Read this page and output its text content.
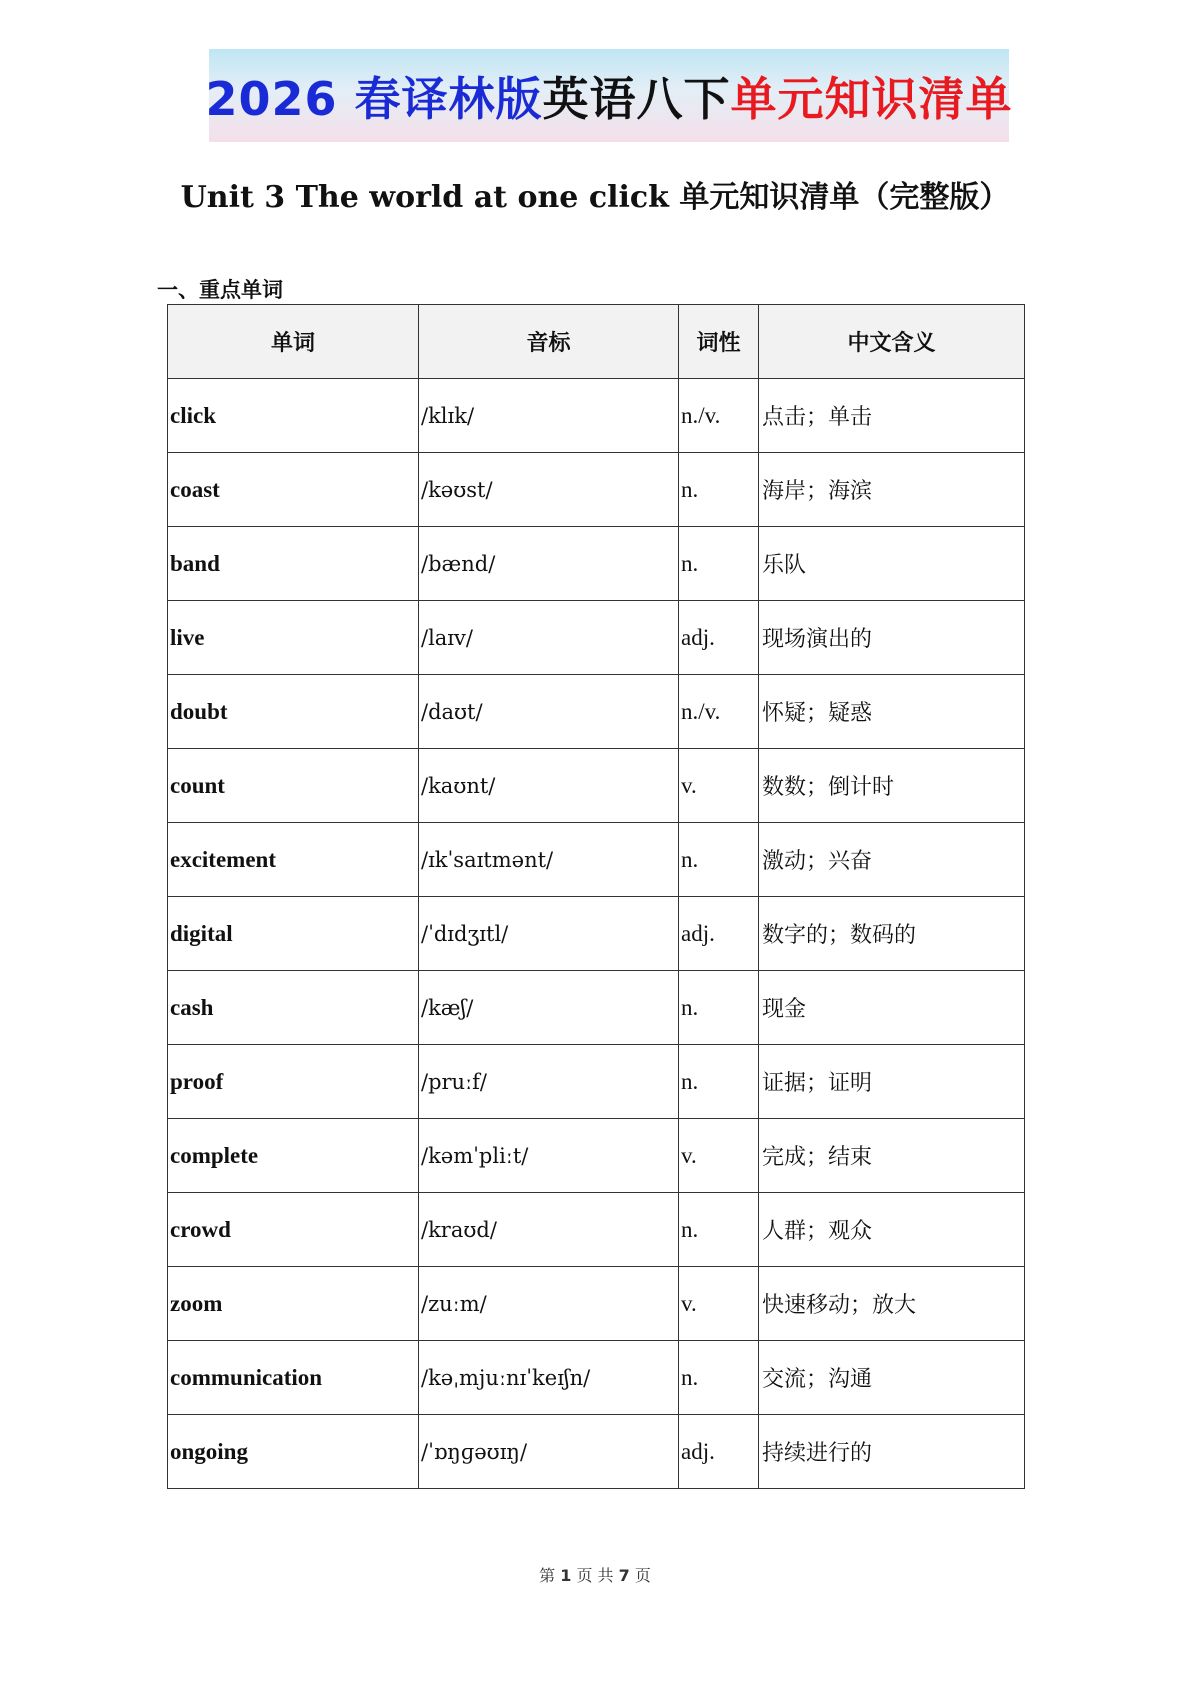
2026 春译林版 英语八下 单元知识清单
Unit 3 The world at one click 单元知识清单（完整版）
一、重点单词
单词	音标	词性	中文含义
click	/klɪk/	n./v.	点击；单击
coast	/kəʊst/	n.	海岸；海滨
band	/bænd/	n.	乐队
live	/laɪv/	adj.	现场演出的
doubt	/daʊt/	n./v.	怀疑；疑惑
count	/kaʊnt/	v.	数数；倒计时
excitement	/ɪkˈsaɪtmənt/	n.	激动；兴奋
digital	/ˈdɪdʒɪtl/	adj.	数字的；数码的
cash	/kæʃ/	n.	现金
proof	/pruːf/	n.	证据；证明
complete	/kəmˈpliːt/	v.	完成；结束
crowd	/kraʊd/	n.	人群；观众
zoom	/zuːm/	v.	快速移动；放大
communication	/kəˌmjuːnɪˈkeɪʃn/	n.	交流；沟通
ongoing	/ˈɒŋɡəʊɪŋ/	adj.	持续进行的
第 1 页 共 7 页
